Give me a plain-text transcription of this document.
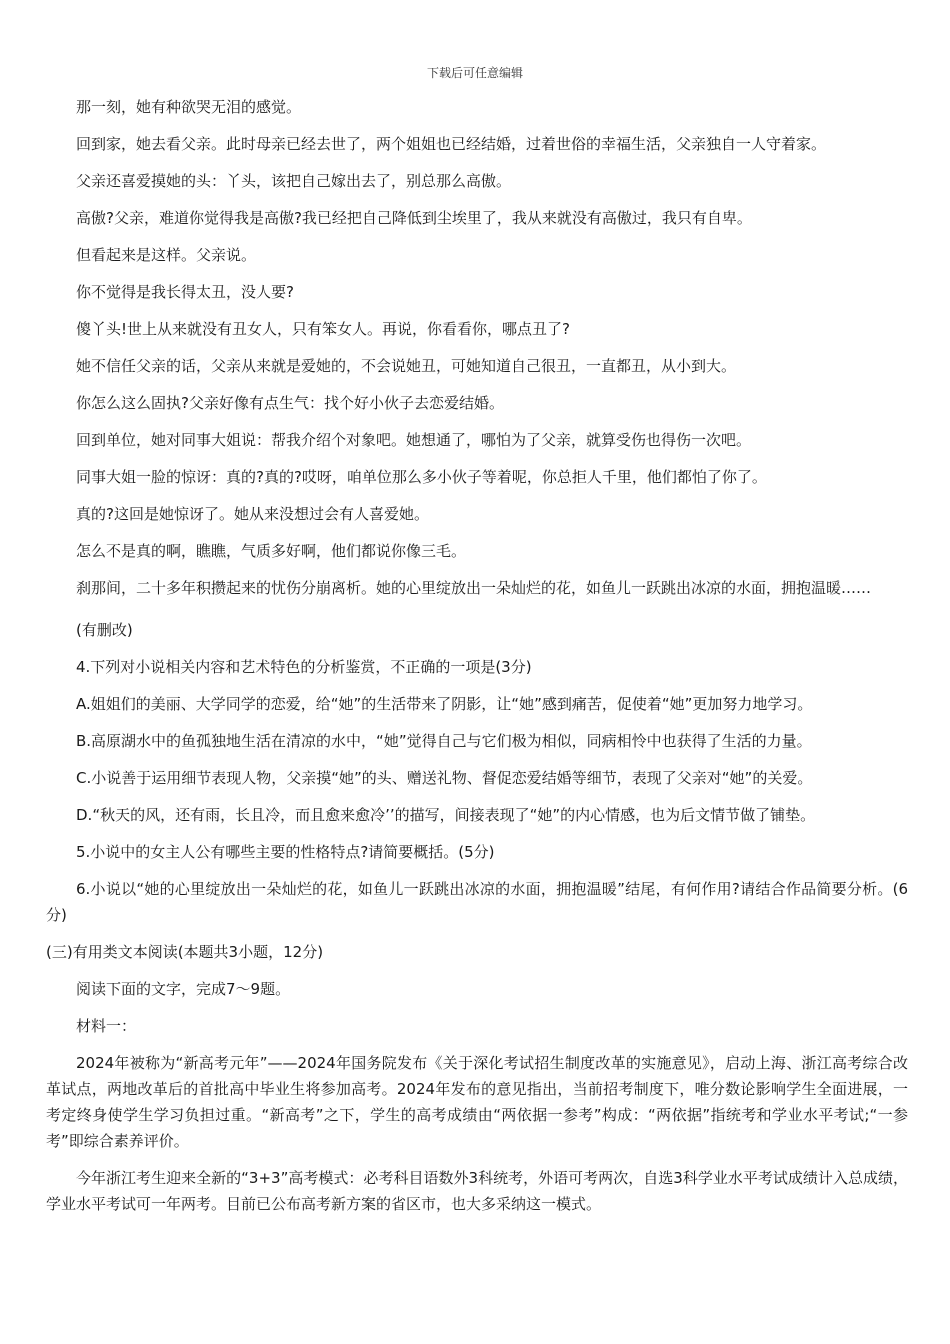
下载后可任意编辑

那一刻，她有种欲哭无泪的感觉。

回到家，她去看父亲。此时母亲已经去世了，两个姐姐也已经结婚，过着世俗的幸福生活，父亲独自一人守着家。

父亲还喜爱摸她的头：丫头，该把自己嫁出去了，别总那么高傲。

高傲?父亲，难道你觉得我是高傲?我已经把自己降低到尘埃里了，我从来就没有高傲过，我只有自卑。

但看起来是这样。父亲说。

你不觉得是我长得太丑，没人要?

傻丫头!世上从来就没有丑女人，只有笨女人。再说，你看看你，哪点丑了?

她不信任父亲的话，父亲从来就是爱她的，不会说她丑，可她知道自己很丑，一直都丑，从小到大。

你怎么这么固执?父亲好像有点生气：找个好小伙子去恋爱结婚。

回到单位，她对同事大姐说：帮我介绍个对象吧。她想通了，哪怕为了父亲，就算受伤也得伤一次吧。

同事大姐一脸的惊讶：真的?真的?哎呀，咱单位那么多小伙子等着呢，你总拒人千里，他们都怕了你了。

真的?这回是她惊讶了。她从来没想过会有人喜爱她。

怎么不是真的啊，瞧瞧，气质多好啊，他们都说你像三毛。

刹那间，二十多年积攒起来的忧伤分崩离析。她的心里绽放出一朵灿烂的花，如鱼儿一跃跳出冰凉的水面，拥抱温暖……

(有删改)

4.下列对小说相关内容和艺术特色的分析鉴赏，不正确的一项是(3分)

A.姐姐们的美丽、大学同学的恋爱，给“她”的生活带来了阴影，让“她”感到痛苦，促使着“她”更加努力地学习。

B.高原湖水中的鱼孤独地生活在清凉的水中，“她”觉得自己与它们极为相似，同病相怜中也获得了生活的力量。

C.小说善于运用细节表现人物，父亲摸“她”的头、赠送礼物、督促恋爱结婚等细节，表现了父亲对“她”的关爱。

D.“秋天的风，还有雨，长且冷，而且愈来愈冷’’的描写，间接表现了“她”的内心情感，也为后文情节做了铺垫。

5.小说中的女主人公有哪些主要的性格特点?请简要概括。(5分)

6.小说以“她的心里绽放出一朵灿烂的花，如鱼儿一跃跳出冰凉的水面，拥抱温暖”结尾，有何作用?请结合作品简要分析。(6分)

(三)有用类文本阅读(本题共3小题，12分)

阅读下面的文字，完成7～9题。

材料一：

2024年被称为“新高考元年”——2024年国务院发布《关于深化考试招生制度改革的实施意见》，启动上海、浙江高考综合改革试点，两地改革后的首批高中毕业生将参加高考。2024年发布的意见指出，当前招考制度下，唯分数论影响学生全面进展，一考定终身使学生学习负担过重。“新高考”之下，学生的高考成绩由“两依据一参考”构成：“两依据”指统考和学业水平考试;“一参考”即综合素养评价。

今年浙江考生迎来全新的“3+3”高考模式：必考科目语数外3科统考，外语可考两次，自选3科学业水平考试成绩计入总成绩，学业水平考试可一年两考。目前已公布高考新方案的省区市，也大多采纳这一模式。
